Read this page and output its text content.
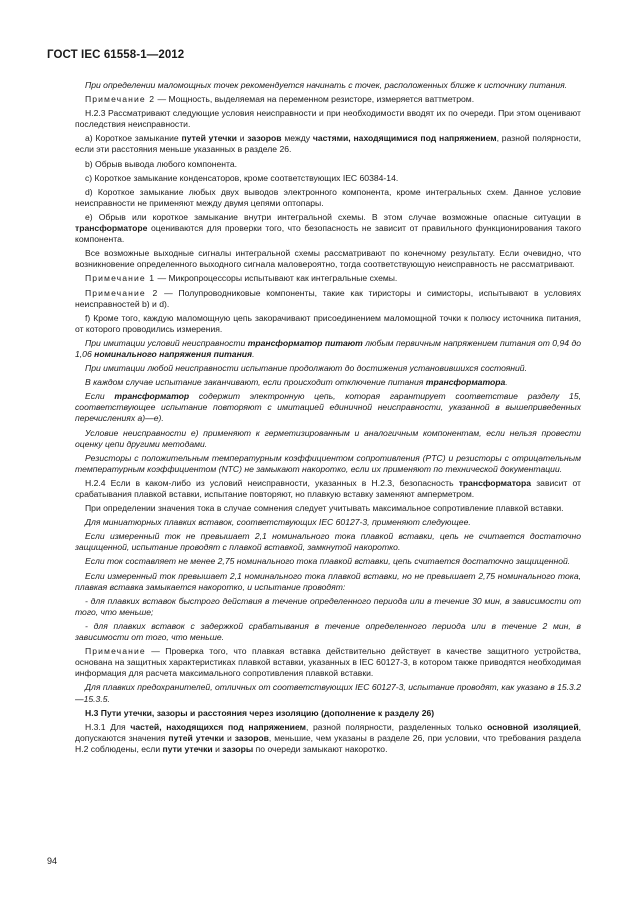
ГОСТ IEC 61558-1—2012

При определении маломощных точек рекомендуется начинать с точек, расположенных ближе к источнику питания.

Примечание 2 — Мощность, выделяемая на переменном резисторе, измеряется ваттметром.

Н.2.3 Рассматривают следующие условия неисправности и при необходимости вводят их по очереди. При этом оценивают последствия неисправности.

а) Короткое замыкание путей утечки и зазоров между частями, находящимися под напряжением, разной полярности, если эти расстояния меньше указанных в разделе 26.

b) Обрыв вывода любого компонента.

с) Короткое замыкание конденсаторов, кроме соответствующих IEC 60384-14.

d) Короткое замыкание любых двух выводов электронного компонента, кроме интегральных схем. Данное условие неисправности не применяют между двумя цепями оптопары.

е) Обрыв или короткое замыкание внутри интегральной схемы. В этом случае возможные опасные ситуации в трансформаторе оцениваются для проверки того, что безопасность не зависит от правильного функционирования такого компонента.

Все возможные выходные сигналы интегральной схемы рассматривают по конечному результату. Если очевидно, что возникновение определенного выходного сигнала маловероятно, тогда соответствующую неисправность не рассматривают.

Примечание 1 — Микропроцессоры испытывают как интегральные схемы.

Примечание 2 — Полупроводниковые компоненты, такие как тиристоры и симисторы, испытывают в условиях неисправностей b) и d).

f) Кроме того, каждую маломощную цепь закорачивают присоединением маломощной точки к полюсу источника питания, от которого проводились измерения.

При имитации условий неисправности трансформатор питают любым первичным напряжением питания от 0,94 до 1,06 номинального напряжения питания.

При имитации любой неисправности испытание продолжают до достижения установившихся состояний.

В каждом случае испытание заканчивают, если происходит отключение питания трансформатора.

Если трансформатор содержит электронную цепь, которая гарантирует соответствие разделу 15, соответствующее испытание повторяют с имитацией единичной неисправности, указанной в вышеприведенных перечислениях а)—е).

Условие неисправности е) применяют к герметизированным и аналогичным компонентам, если нельзя провести оценку цепи другими методами.

Резисторы с положительным температурным коэффициентом сопротивления (PTC) и резисторы с отрицательным температурным коэффициентом (NTC) не замыкают накоротко, если их применяют по технической документации.

Н.2.4 Если в каком-либо из условий неисправности, указанных в Н.2.3, безопасность трансформатора зависит от срабатывания плавкой вставки, испытание повторяют, но плавкую вставку заменяют амперметром.

При определении значения тока в случае сомнения следует учитывать максимальное сопротивление плавкой вставки.

Для миниатюрных плавких вставок, соответствующих IEC 60127-3, применяют следующее.

Если измеренный ток не превышает 2,1 номинального тока плавкой вставки, цепь не считается достаточно защищенной, испытание проводят с плавкой вставкой, замкнутой накоротко.

Если ток составляет не менее 2,75 номинального тока плавкой вставки, цепь считается достаточно защищенной.

Если измеренный ток превышает 2,1 номинального тока плавкой вставки, но не превышает 2,75 номинального тока, плавкая вставка замыкается накоротко, и испытание проводят:

- для плавких вставок быстрого действия в течение определенного периода или в течение 30 мин, в зависимости от того, что меньше;

- для плавких вставок с задержкой срабатывания в течение определенного периода или в течение 2 мин, в зависимости от того, что меньше.

Примечание — Проверка того, что плавкая вставка действительно действует в качестве защитного устройства, основана на защитных характеристиках плавкой вставки, указанных в IEC 60127-3, в котором также приводятся необходимая информация для расчета максимального сопротивления плавкой вставки.

Для плавких предохранителей, отличных от соответствующих IEC 60127-3, испытание проводят, как указано в 15.3.2—15.3.5.

Н.3 Пути утечки, зазоры и расстояния через изоляцию (дополнение к разделу 26)

Н.3.1 Для частей, находящихся под напряжением, разной полярности, разделенных только основной изоляцией, допускаются значения путей утечки и зазоров, меньшие, чем указаны в разделе 26, при условии, что требования раздела Н.2 соблюдены, если пути утечки и зазоры по очереди замыкают накоротко.

94
